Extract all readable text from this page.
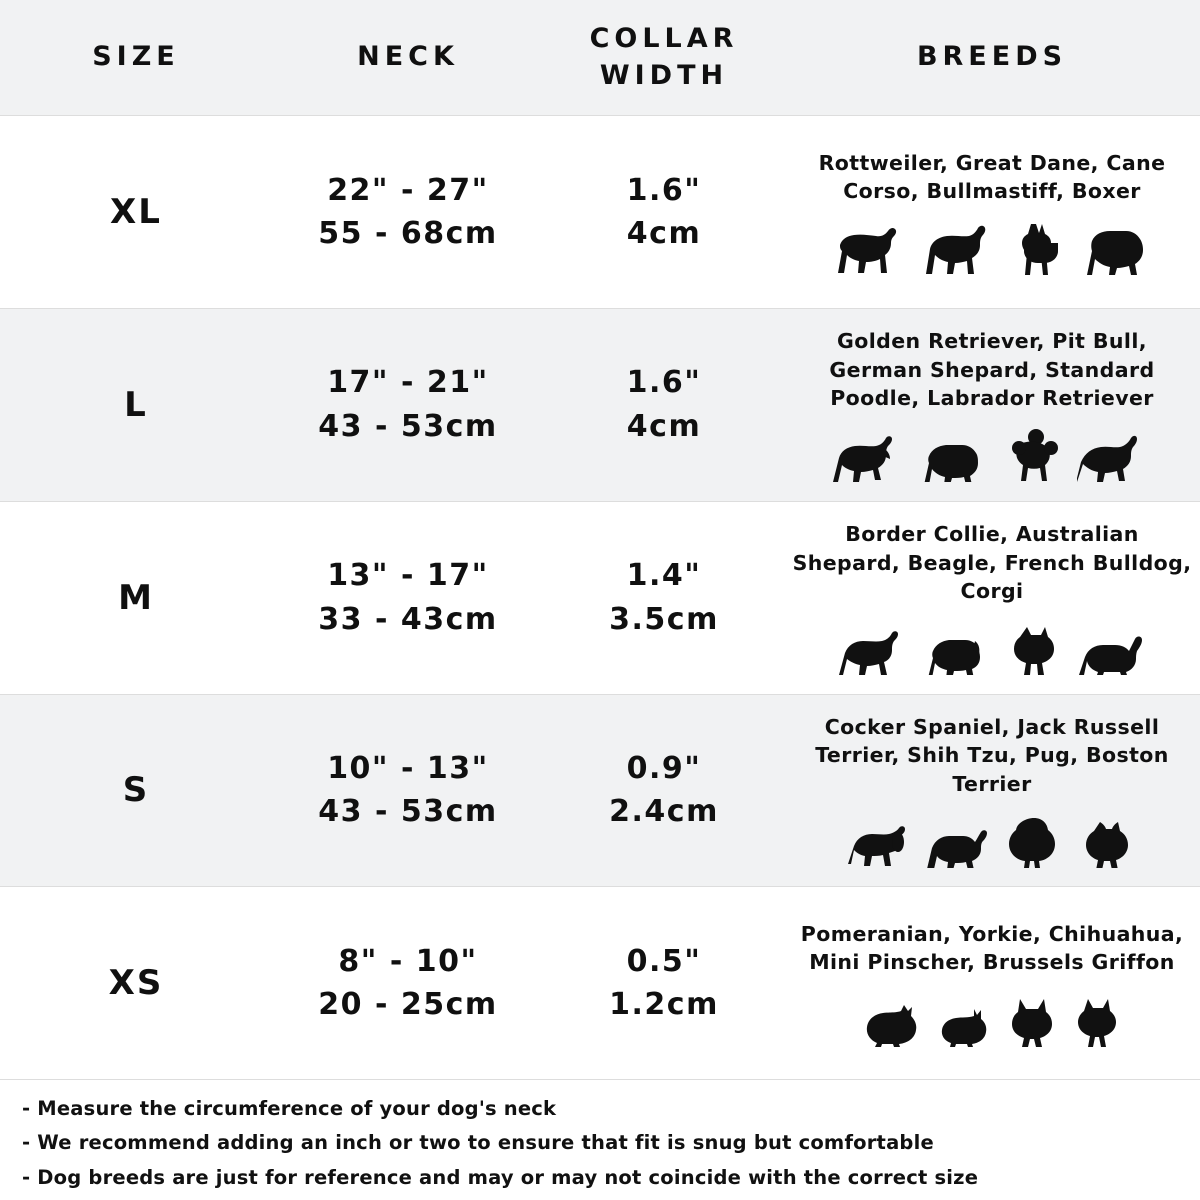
SIZE	NECK
COLLAR
WIDTH
BREEDS
XL
22" - 27"
55 - 68cm
1.6"
4cm
Rottweiler, Great Dane, Cane Corso, Bullmastiff, Boxer
L
17" - 21"
43 - 53cm
1.6"
4cm
Golden Retriever, Pit Bull, German Shepard, Standard Poodle, Labrador Retriever
M
13" - 17"
33 - 43cm
1.4"
3.5cm
Border Collie, Australian Shepard, Beagle, French Bulldog, Corgi
S
10" - 13"
43 - 53cm
0.9"
2.4cm
Cocker Spaniel, Jack Russell Terrier, Shih Tzu, Pug, Boston Terrier
XS
8" - 10"
20 - 25cm
0.5"
1.2cm
Pomeranian, Yorkie, Chihuahua, Mini Pinscher, Brussels Griffon
- Measure the circumference of your dog's neck
- We recommend adding an inch or two to ensure that fit is snug but comfortable
- Dog breeds are just for reference and may or may not coincide with the correct size
